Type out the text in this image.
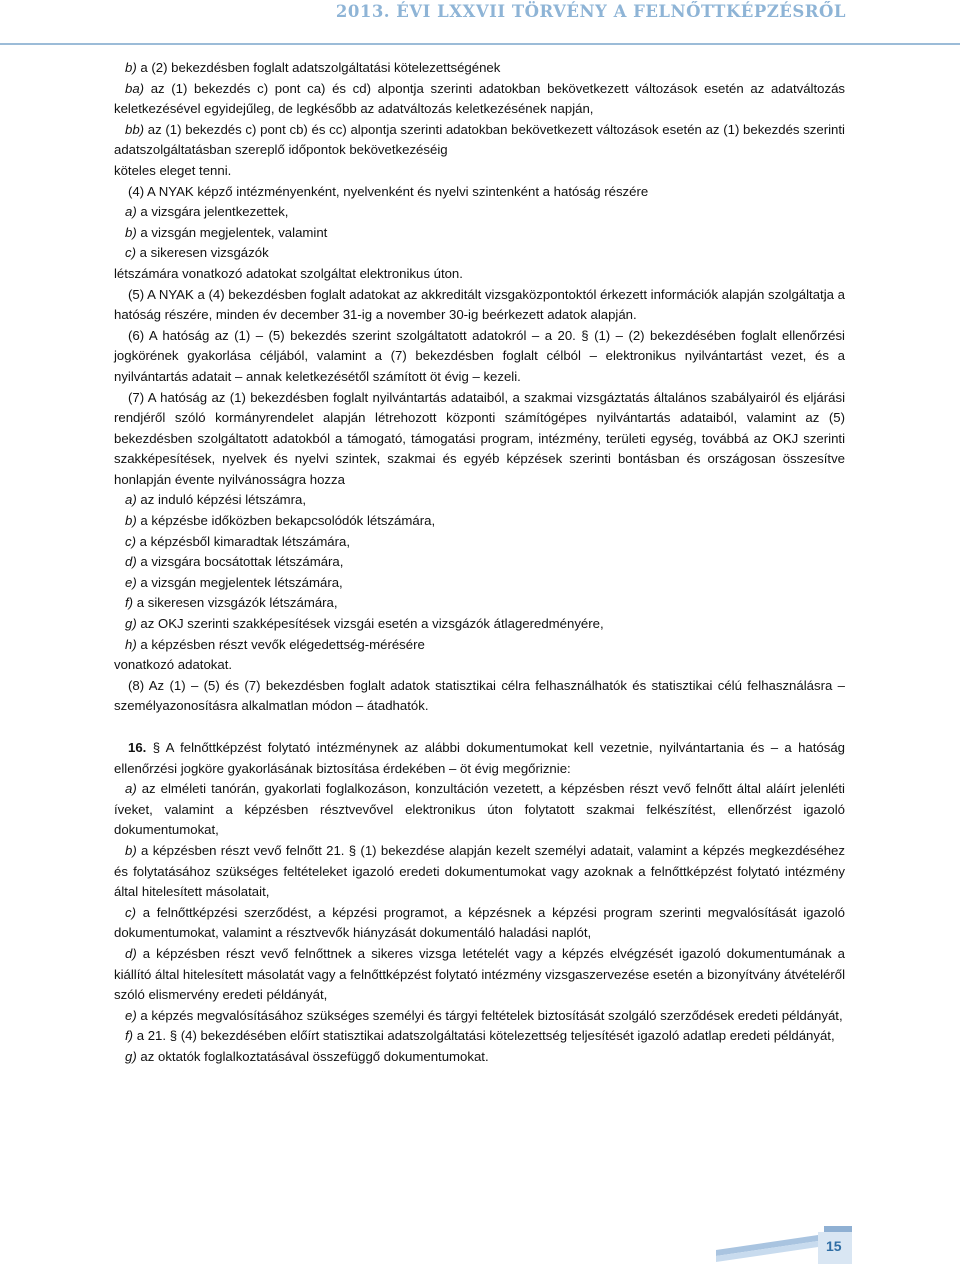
2013. ÉVI LXXVII TÖRVÉNY A FELNŐTTKÉPZÉSRŐL

b) a (2) bekezdésben foglalt adatszolgáltatási kötelezettségének

ba) az (1) bekezdés c) pont ca) és cd) alpontja szerinti adatokban bekövetkezett változások esetén az adatváltozás keletkezésével egyidejűleg, de legkésőbb az adatváltozás keletkezésének napján,

bb) az (1) bekezdés c) pont cb) és cc) alpontja szerinti adatokban bekövetkezett változások esetén az (1) bekezdés szerinti adatszolgáltatásban szereplő időpontok bekövetkezéséig

köteles eleget tenni.

(4) A NYAK képző intézményenként, nyelvenként és nyelvi szintenként a hatóság részére

a) a vizsgára jelentkezettek,

b) a vizsgán megjelentek, valamint

c) a sikeresen vizsgázók

létszámára vonatkozó adatokat szolgáltat elektronikus úton.

(5) A NYAK a (4) bekezdésben foglalt adatokat az akkreditált vizsgaközpontoktól érkezett információk alapján szolgáltatja a hatóság részére, minden év december 31-ig a november 30-ig beérkezett adatok alapján.

(6) A hatóság az (1) – (5) bekezdés szerint szolgáltatott adatokról – a 20. § (1) – (2) bekezdésében foglalt ellenőrzési jogkörének gyakorlása céljából, valamint a (7) bekezdésben foglalt célból – elektronikus nyilvántartást vezet, és a nyilvántartás adatait – annak keletkezésétől számított öt évig – kezeli.

(7) A hatóság az (1) bekezdésben foglalt nyilvántartás adataiból, a szakmai vizsgáztatás általános szabályairól és eljárási rendjéről szóló kormányrendelet alapján létrehozott központi számítógépes nyilvántartás adataiból, valamint az (5) bekezdésben szolgáltatott adatokból a támogató, támogatási program, intézmény, területi egység, továbbá az OKJ szerinti szakképesítések, nyelvek és nyelvi szintek, szakmai és egyéb képzések szerinti bontásban és országosan összesítve honlapján évente nyilvánosságra hozza

a) az induló képzési létszámra,

b) a képzésbe időközben bekapcsolódók létszámára,

c) a képzésből kimaradtak létszámára,

d) a vizsgára bocsátottak létszámára,

e) a vizsgán megjelentek létszámára,

f) a sikeresen vizsgázók létszámára,

g) az OKJ szerinti szakképesítések vizsgái esetén a vizsgázók átlageredményére,

h) a képzésben részt vevők elégedettség-mérésére

vonatkozó adatokat.

(8) Az (1) – (5) és (7) bekezdésben foglalt adatok statisztikai célra felhasználhatók és statisztikai célú felhasználásra – személyazonosításra alkalmatlan módon – átadhatók.

16. § A felnőttképzést folytató intézménynek az alábbi dokumentumokat kell vezetnie, nyilvántartania és – a hatóság ellenőrzési jogköre gyakorlásának biztosítása érdekében – öt évig megőriznie:

a) az elméleti tanórán, gyakorlati foglalkozáson, konzultáción vezetett, a képzésben részt vevő felnőtt által aláírt jelenléti íveket, valamint a képzésben résztvevővel elektronikus úton folytatott szakmai felkészítést, ellenőrzést igazoló dokumentumokat,

b) a képzésben részt vevő felnőtt 21. § (1) bekezdése alapján kezelt személyi adatait, valamint a képzés megkezdéséhez és folytatásához szükséges feltételeket igazoló eredeti dokumentumokat vagy azoknak a felnőttképzést folytató intézmény által hitelesített másolatait,

c) a felnőttképzési szerződést, a képzési programot, a képzésnek a képzési program szerinti megvalósítását igazoló dokumentumokat, valamint a résztvevők hiányzását dokumentáló haladási naplót,

d) a képzésben részt vevő felnőttnek a sikeres vizsga letételét vagy a képzés elvégzését igazoló dokumentumának a kiállító által hitelesített másolatát vagy a felnőttképzést folytató intézmény vizsgaszervezése esetén a bizonyítvány átvételéről szóló elismervény eredeti példányát,

e) a képzés megvalósításához szükséges személyi és tárgyi feltételek biztosítását szolgáló szerződések eredeti példányát,

f) a 21. § (4) bekezdésében előírt statisztikai adatszolgáltatási kötelezettség teljesítését igazoló adatlap eredeti példányát,

g) az oktatók foglalkoztatásával összefüggő dokumentumokat.

15
